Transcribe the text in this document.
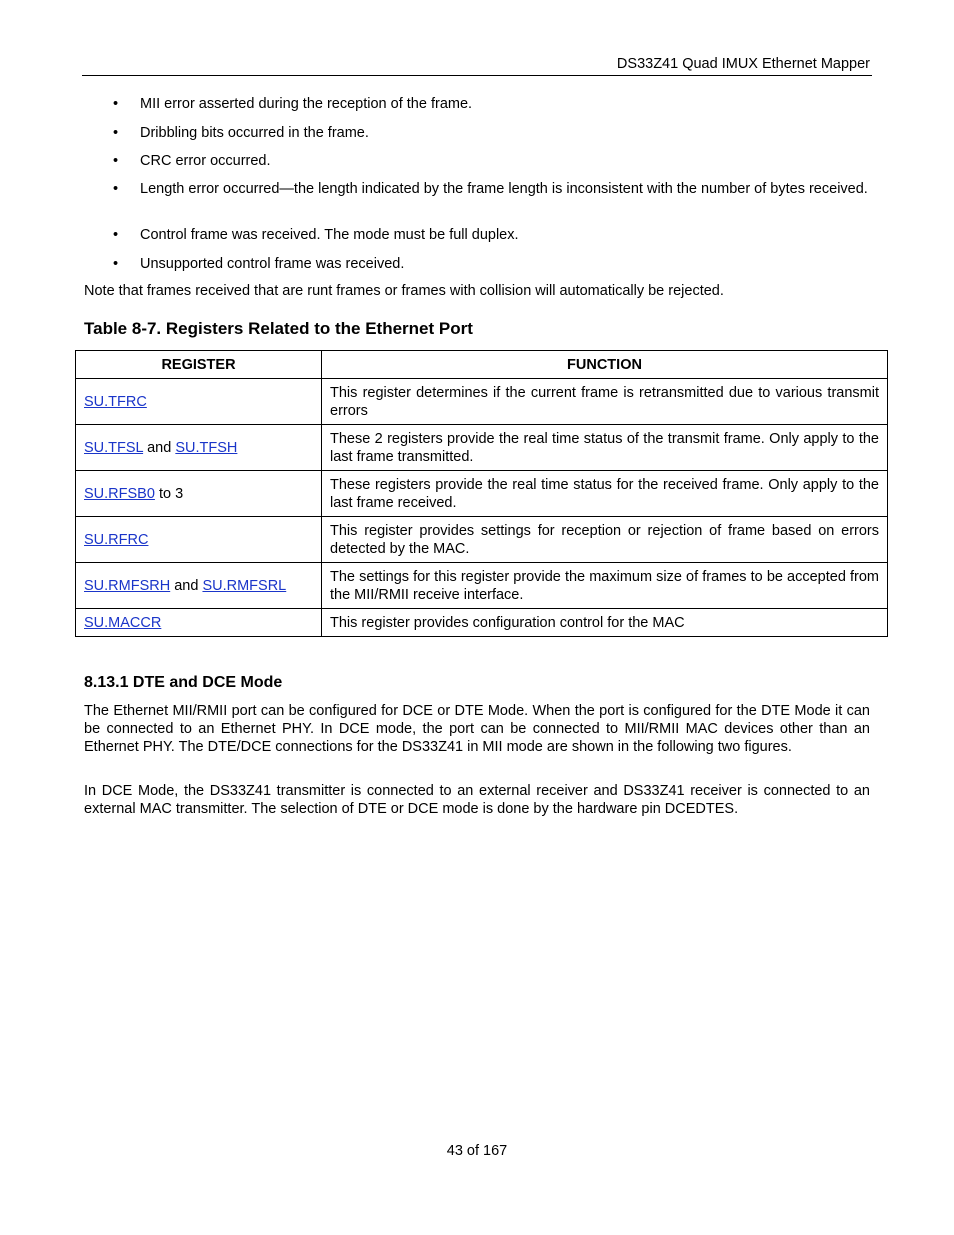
DS33Z41 Quad IMUX Ethernet Mapper
• MII error asserted during the reception of the frame.
• Dribbling bits occurred in the frame.
• CRC error occurred.
• Length error occurred—the length indicated by the frame length is inconsistent with the number of bytes received.
• Control frame was received. The mode must be full duplex.
• Unsupported control frame was received.
Note that frames received that are runt frames or frames with collision will automatically be rejected.
Table 8-7. Registers Related to the Ethernet Port
8.13.1 DTE and DCE Mode
The Ethernet MII/RMII port can be configured for DCE or DTE Mode. When the port is configured for the DTE Mode it can be connected to an Ethernet PHY. In DCE mode, the port can be connected to MII/RMII MAC devices other than an Ethernet PHY. The DTE/DCE connections for the DS33Z41 in MII mode are shown in the following two figures.
In DCE Mode, the DS33Z41 transmitter is connected to an external receiver and DS33Z41 receiver is connected to an external MAC transmitter. The selection of DTE or DCE mode is done by the hardware pin DCEDTES.
REGISTER	FUNCTION
SU.TFRC	This register determines if the current frame is retransmitted due to various transmit errors
SU.TFSL and SU.TFSH	These 2 registers provide the real time status of the transmit frame. Only apply to the last frame transmitted.
SU.RFSB0 to 3	These registers provide the real time status for the received frame. Only apply to the last frame received.
SU.RFRC	This register provides settings for reception or rejection of frame based on errors detected by the MAC.
SU.RMFSRH and SU.RMFSRL	The settings for this register provide the maximum size of frames to be accepted from the MII/RMII receive interface.
SU.MACCR	This register provides configuration control for the MAC
43 of 167
